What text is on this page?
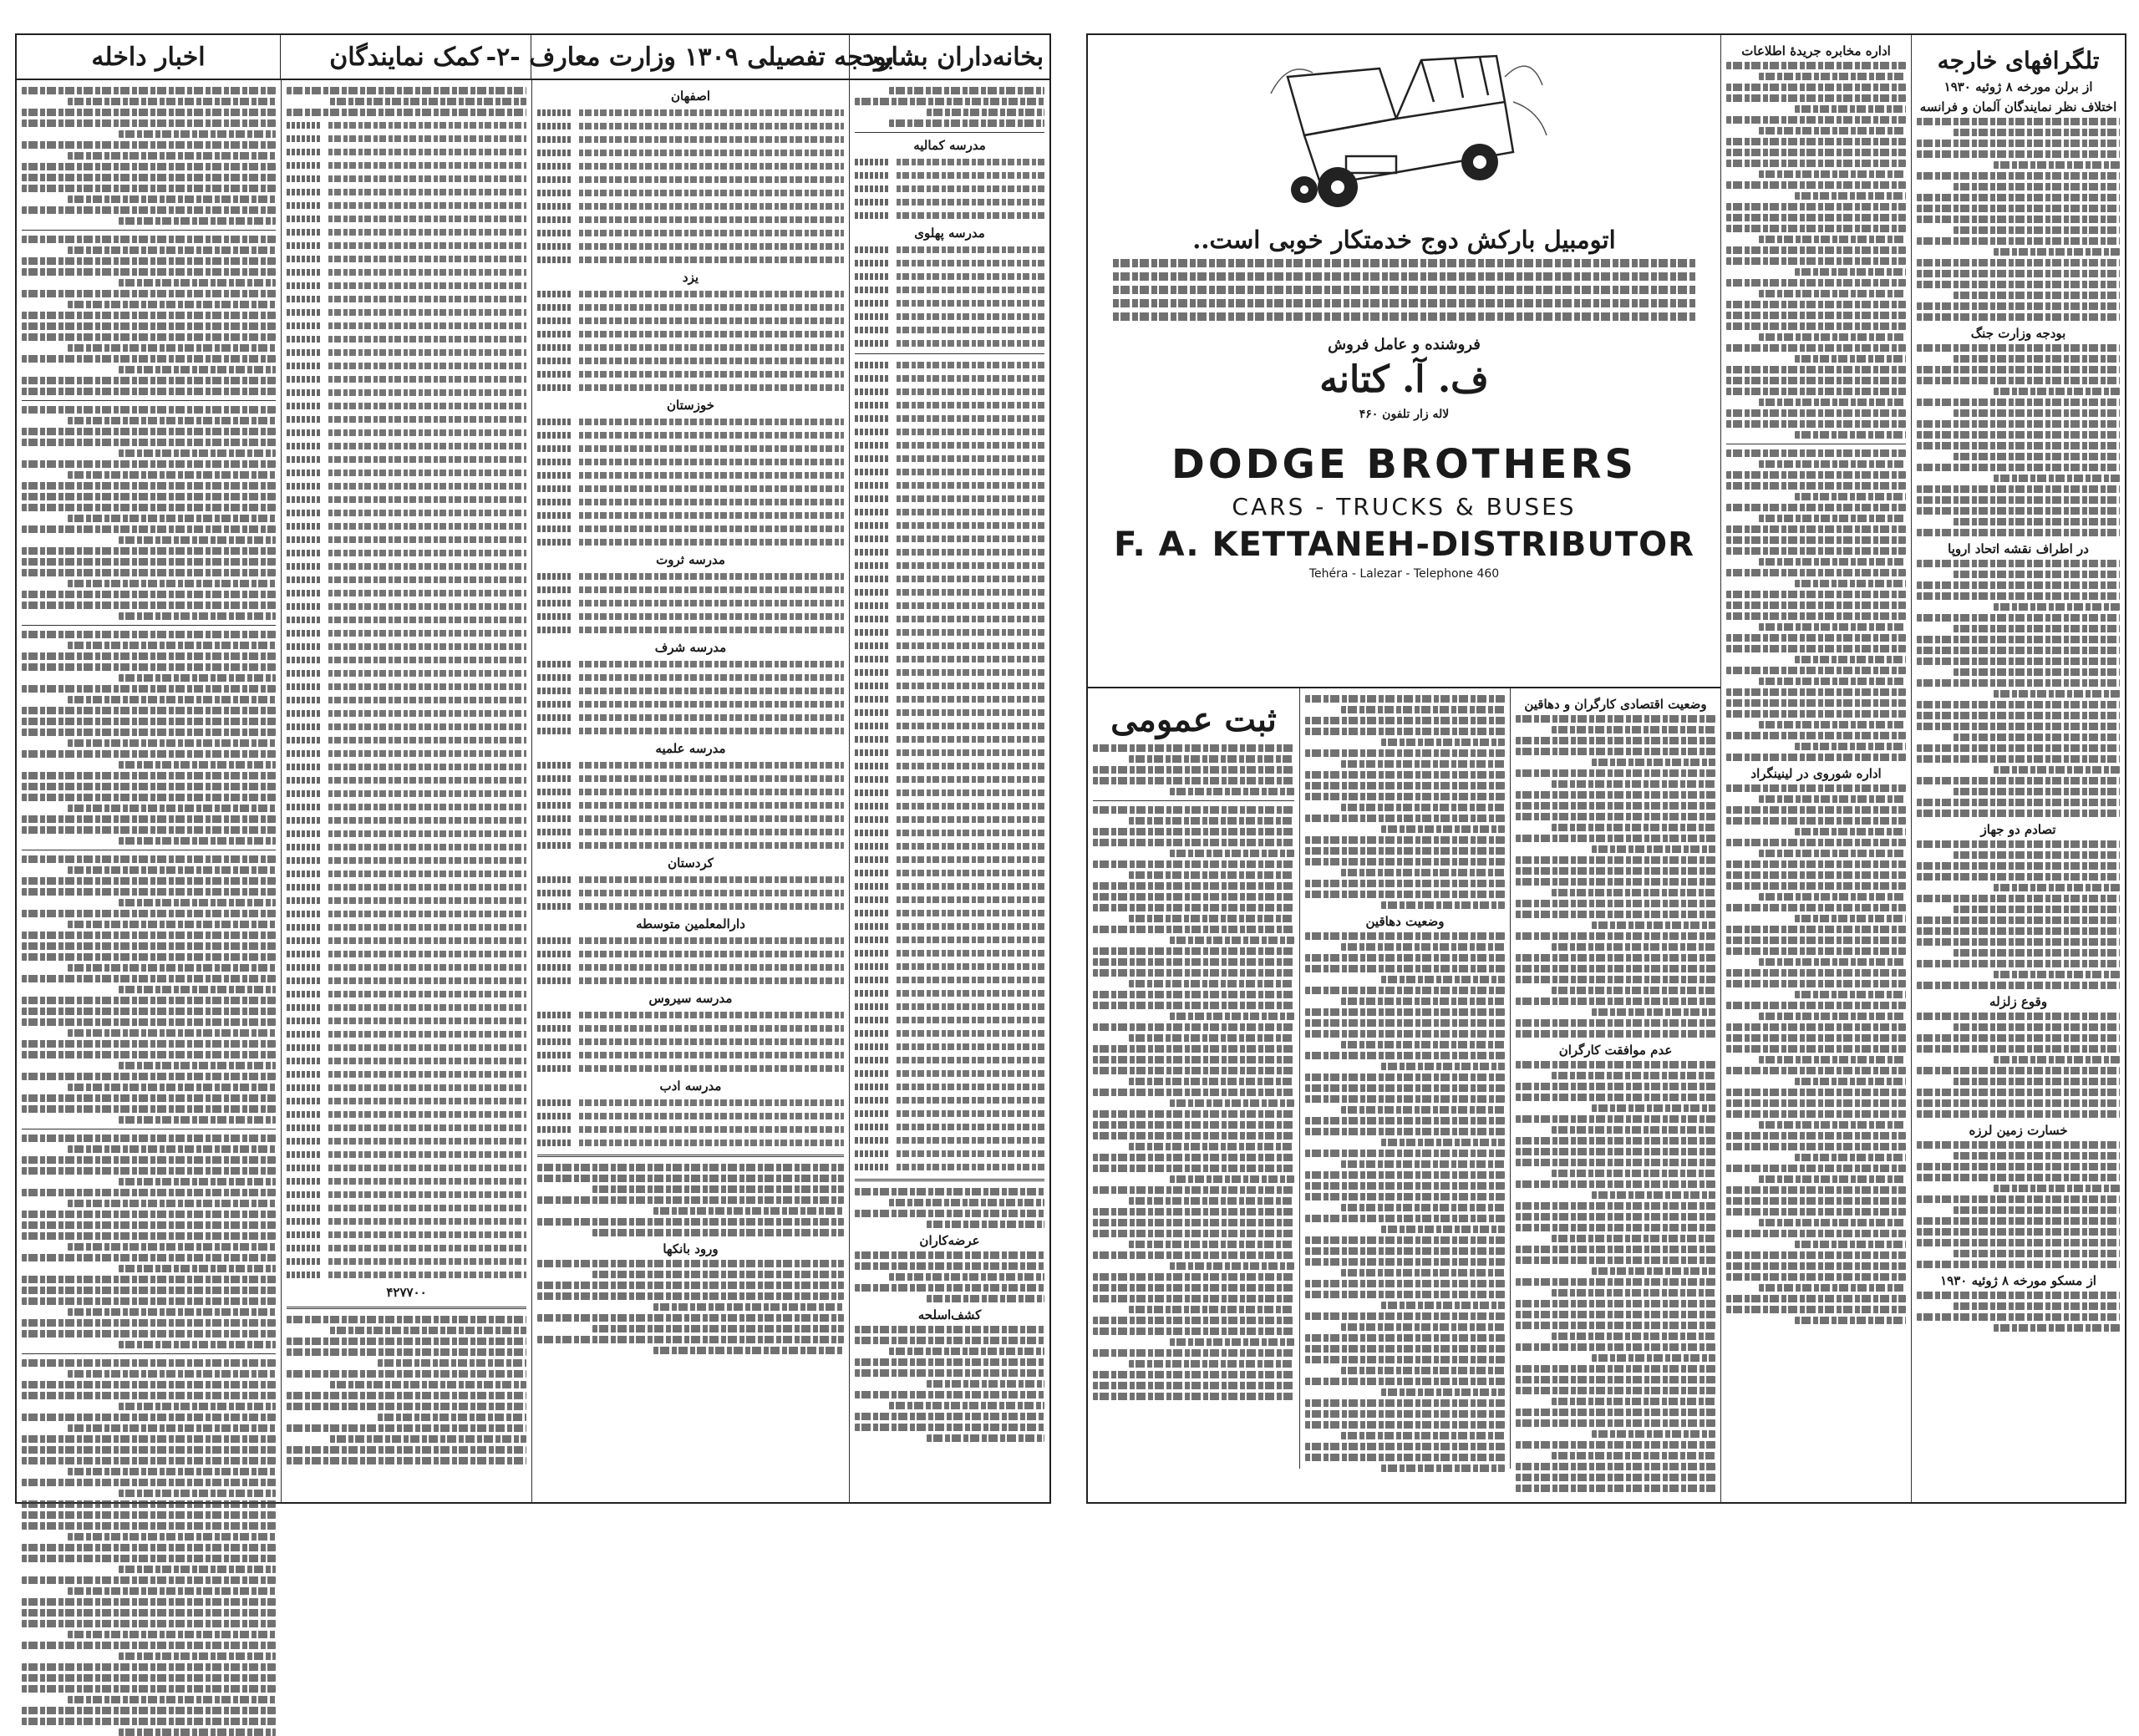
بخانه‌داران بشارت
بودجه تفصیلی ۱۳۰۹ وزارت معارف -۲-
کمک نمایندگان
اخبار داخله
مدرسه کمالیه
مدرسه پهلوی
عرضه‌کاران
کشف‌اسلحه
اصفهان
یزد
خوزستان
مدرسه ثروت
مدرسه شرف
مدرسه علمیه
کردستان
دارالمعلمین متوسطه
مدرسه سیروس
مدرسه ادب
ورود بانکها
۴۲۷۷۰۰
تلگرافهای خارجه
از برلن مورخه ۸ ژوئیه ۱۹۳۰
اختلاف نظر نمایندگان آلمان و فرانسه
بودجه وزارت جنگ
در اطراف نقشه اتحاد اروپا
تصادم دو جهاز
وقوع زلزله
خسارت زمین لرزه
از مسکو مورخه ۸ ژوئیه ۱۹۳۰
اداره مخابره جریدهٔ اطلاعات
اداره شوروی در لینینگراد
اتومبیل بارکش دوج خدمتکار خوبی است..
فروشنده و عامل فروش
ف. آ. کتانه
لاله زار تلفون ۴۶۰
DODGE BROTHERS
CARS - TRUCKS & BUSES
F. A. KETTANEH-DISTRIBUTOR
Tehéra - Lalezar - Telephone 460
وضعیت اقتصادی کارگران و دهاقین
عدم موافقت کارگران
وضعیت دهاقین
ثبت عمومی
